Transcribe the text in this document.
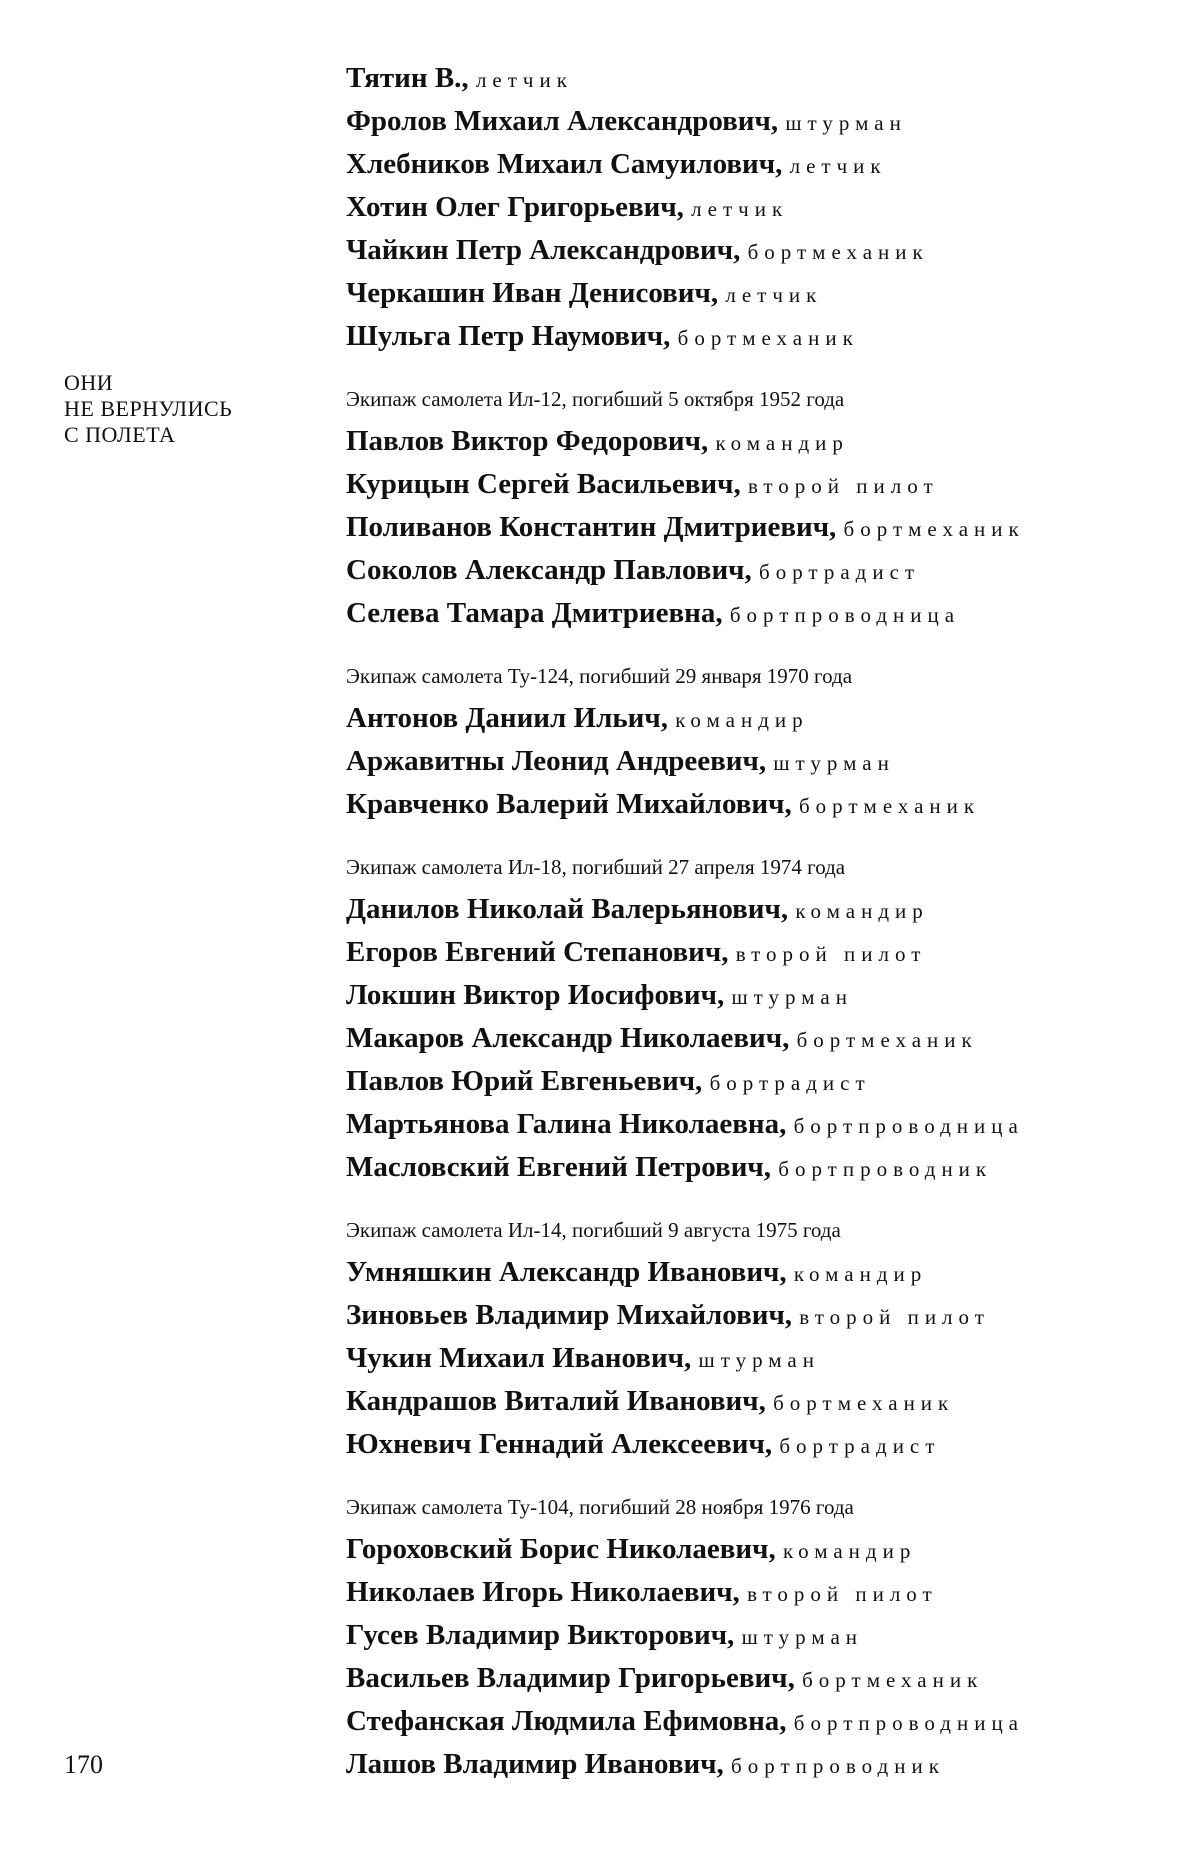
ОНИ
НЕ ВЕРНУЛИСЬ
С ПОЛЕТА
Тятин В., летчик
Фролов Михаил Александрович, штурман
Хлебников Михаил Самуилович, летчик
Хотин Олег Григорьевич, летчик
Чайкин Петр Александрович, бортмеханик
Черкашин Иван Денисович, летчик
Шульга Петр Наумович, бортмеханик
Экипаж самолета Ил-12, погибший 5 октября 1952 года
Павлов Виктор Федорович, командир
Курицын Сергей Васильевич, второй пилот
Поливанов Константин Дмитриевич, бортмеханик
Соколов Александр Павлович, бортрадист
Селева Тамара Дмитриевна, бортпроводница
Экипаж самолета Ту-124, погибший 29 января 1970 года
Антонов Даниил Ильич, командир
Аржавитны Леонид Андреевич, штурман
Кравченко Валерий Михайлович, бортмеханик
Экипаж самолета Ил-18, погибший 27 апреля 1974 года
Данилов Николай Валерьянович, командир
Егоров Евгений Степанович, второй пилот
Локшин Виктор Иосифович, штурман
Макаров Александр Николаевич, бортмеханик
Павлов Юрий Евгеньевич, бортрадист
Мартьянова Галина Николаевна, бортпроводница
Масловский Евгений Петрович, бортпроводник
Экипаж самолета Ил-14, погибший 9 августа 1975 года
Умняшкин Александр Иванович, командир
Зиновьев Владимир Михайлович, второй пилот
Чукин Михаил Иванович, штурман
Кандрашов Виталий Иванович, бортмеханик
Юхневич Геннадий Алексеевич, бортрадист
Экипаж самолета Ту-104, погибший 28 ноября 1976 года
Гороховский Борис Николаевич, командир
Николаев Игорь Николаевич, второй пилот
Гусев Владимир Викторович, штурман
Васильев Владимир Григорьевич, бортмеханик
Стефанская Людмила Ефимовна, бортпроводница
Лашов Владимир Иванович, бортпроводник
170
